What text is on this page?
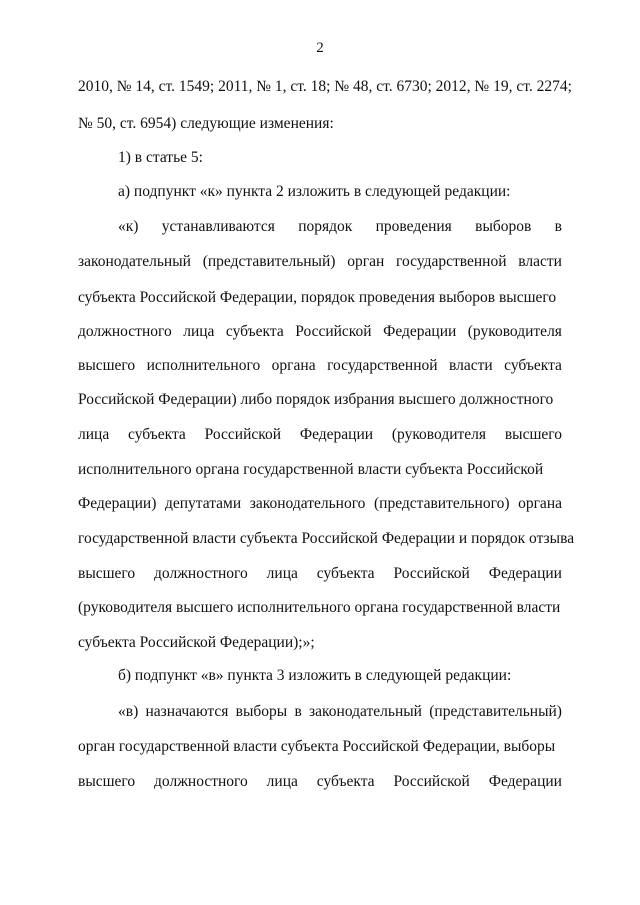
2
2010, № 14, ст. 1549; 2011, № 1, ст. 18; № 48, ст. 6730; 2012, № 19, ст. 2274;
№ 50, ст. 6954) следующие изменения:
1) в статье 5:
а) подпункт «к» пункта 2 изложить в следующей редакции:
«к) устанавливаются порядок проведения выборов в
законодательный (представительный) орган государственной власти
субъекта Российской Федерации, порядок проведения выборов высшего
должностного лица субъекта Российской Федерации (руководителя
высшего исполнительного органа государственной власти субъекта
Российской Федерации) либо порядок избрания высшего должностного
лица субъекта Российской Федерации (руководителя высшего
исполнительного органа государственной власти субъекта Российской
Федерации) депутатами законодательного (представительного) органа
государственной власти субъекта Российской Федерации и порядок отзыва
высшего должностного лица субъекта Российской Федерации
(руководителя высшего исполнительного органа государственной власти
субъекта Российской Федерации);»;
б) подпункт «в» пункта 3 изложить в следующей редакции:
«в) назначаются выборы в законодательный (представительный)
орган государственной власти субъекта Российской Федерации, выборы
высшего должностного лица субъекта Российской Федерации
